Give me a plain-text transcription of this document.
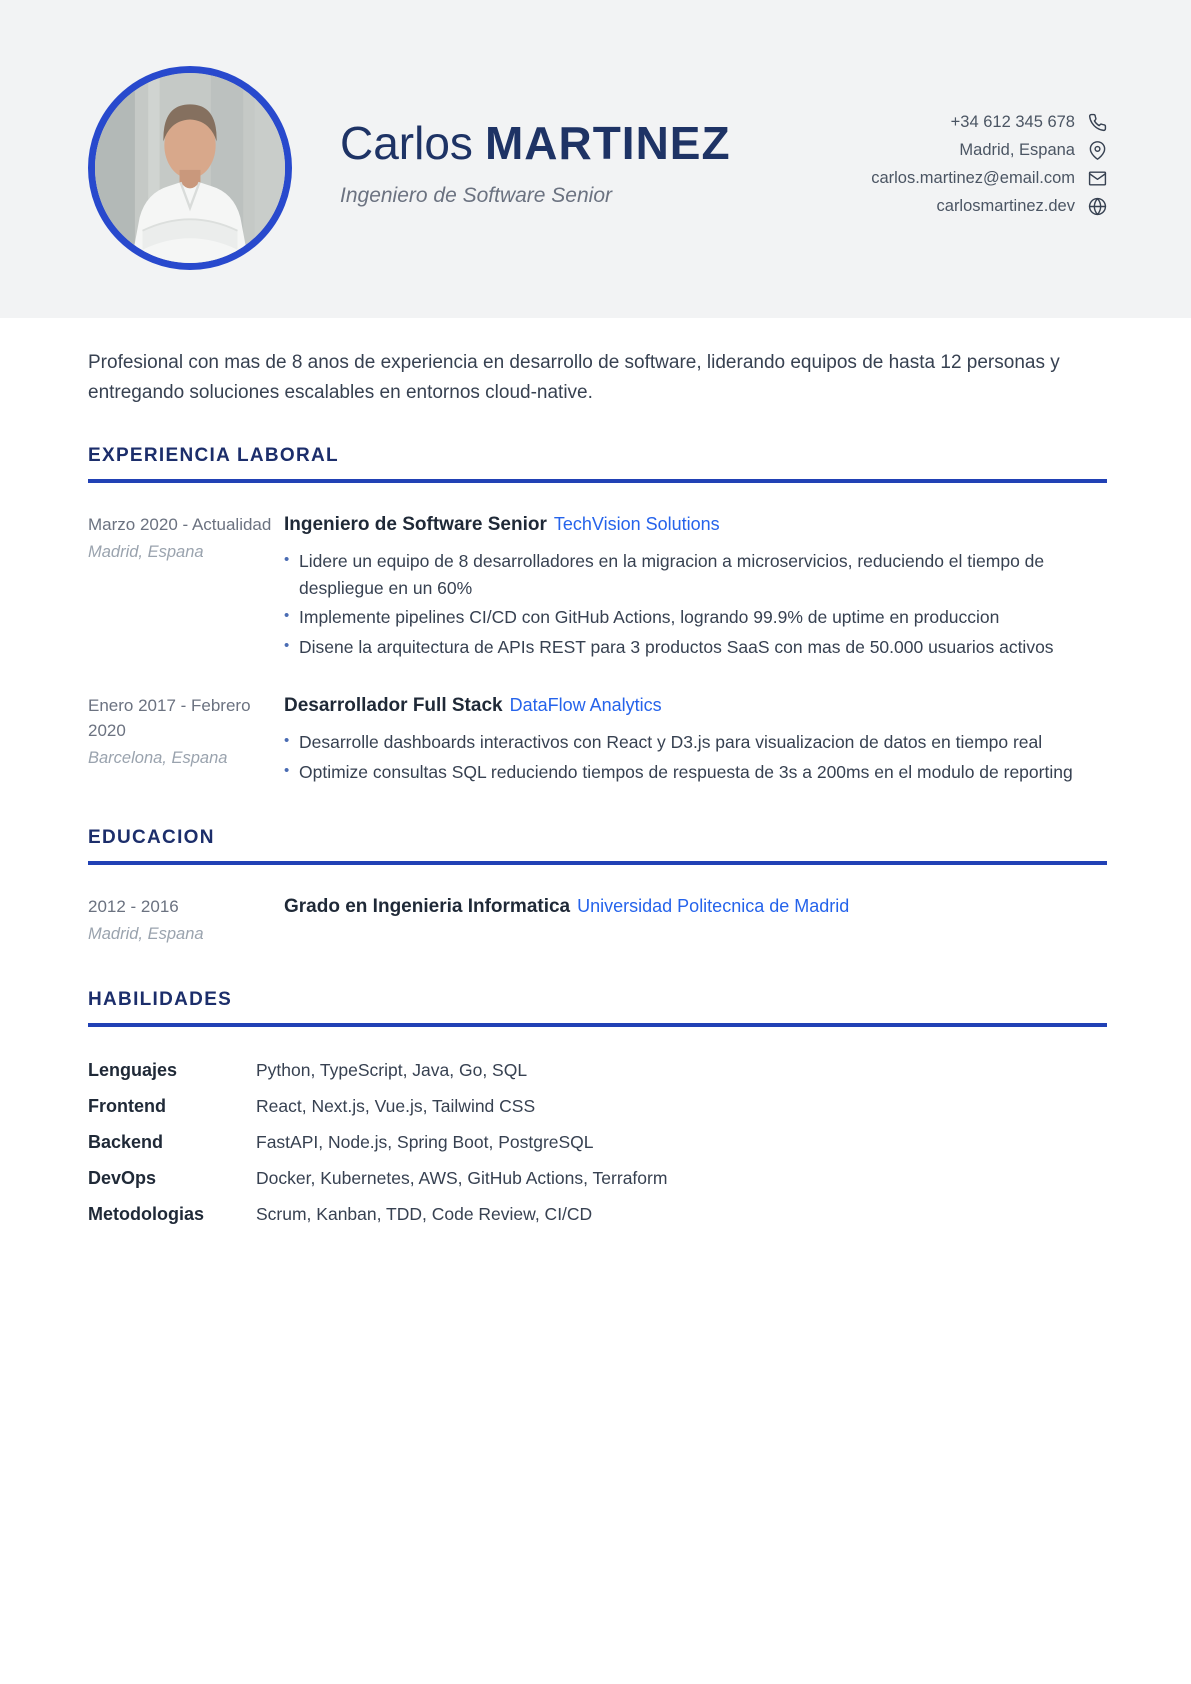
Carlos MARTINEZ
Ingeniero de Software Senior
+34 612 345 678
Madrid, Espana
carlos.martinez@email.com
carlosmartinez.dev

Profesional con mas de 8 anos de experiencia en desarrollo de software, liderando equipos de hasta 12 personas y entregando soluciones escalables en entornos cloud-native.

EXPERIENCIA LABORAL
Marzo 2020 - Actualidad
Madrid, Espana
Ingeniero de Software Senior TechVision Solutions
• Lidere un equipo de 8 desarrolladores en la migracion a microservicios, reduciendo el tiempo de despliegue en un 60%
• Implemente pipelines CI/CD con GitHub Actions, logrando 99.9% de uptime en produccion
• Disene la arquitectura de APIs REST para 3 productos SaaS con mas de 50.000 usuarios activos
Enero 2017 - Febrero 2020
Barcelona, Espana
Desarrollador Full Stack DataFlow Analytics
• Desarrolle dashboards interactivos con React y D3.js para visualizacion de datos en tiempo real
• Optimize consultas SQL reduciendo tiempos de respuesta de 3s a 200ms en el modulo de reporting
EDUCACION
2012 - 2016
Madrid, Espana
Grado en Ingenieria Informatica Universidad Politecnica de Madrid
HABILIDADES
Lenguajes	Python, TypeScript, Java, Go, SQL
Frontend	React, Next.js, Vue.js, Tailwind CSS
Backend	FastAPI, Node.js, Spring Boot, PostgreSQL
DevOps	Docker, Kubernetes, AWS, GitHub Actions, Terraform
Metodologias	Scrum, Kanban, TDD, Code Review, CI/CD
